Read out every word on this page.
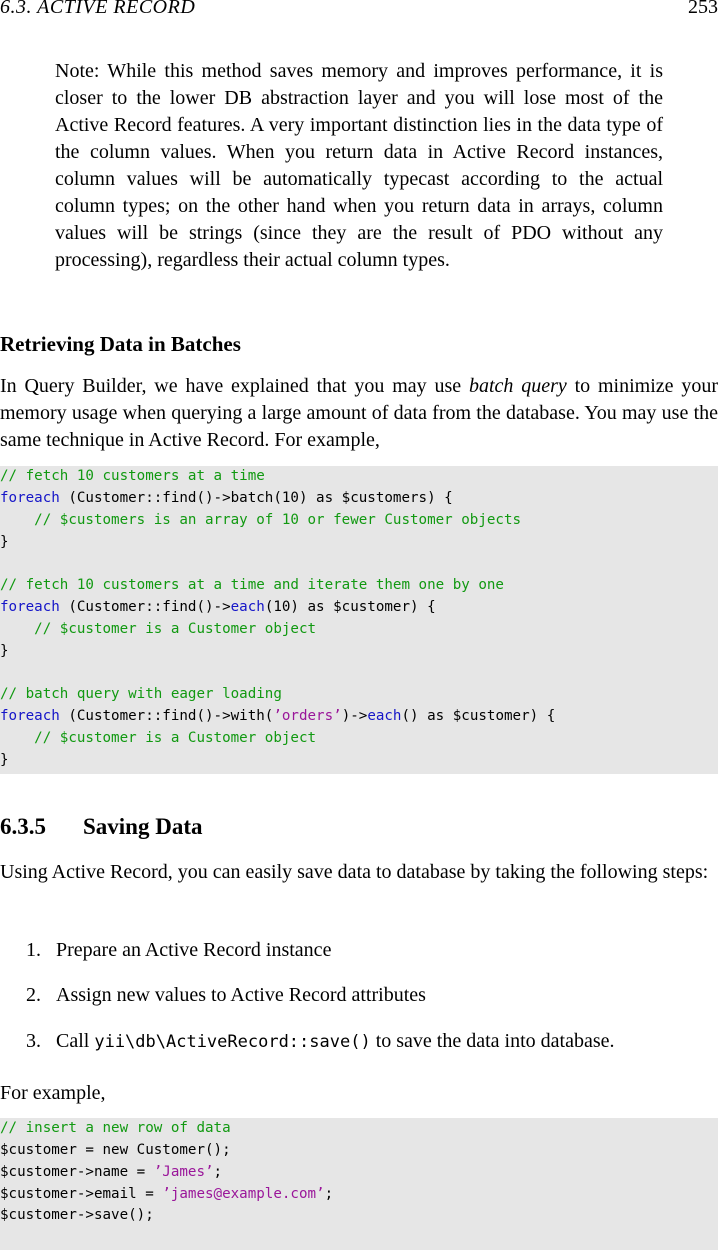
6.3. ACTIVE RECORD	253
Note: While this method saves memory and improves performance, it is closer to the lower DB abstraction layer and you will lose most of the Active Record features. A very important distinction lies in the data type of the column values. When you return data in Active Record instances, column values will be automatically typecast according to the actual column types; on the other hand when you return data in arrays, column values will be strings (since they are the result of PDO without any processing), regardless their actual column types.
Retrieving Data in Batches
In Query Builder, we have explained that you may use batch query to minimize your memory usage when querying a large amount of data from the database. You may use the same technique in Active Record. For example,
// fetch 10 customers at a time
foreach (Customer::find()->batch(10) as $customers) {
// $customers is an array of 10 or fewer Customer objects
}

// fetch 10 customers at a time and iterate them one by one
foreach (Customer::find()->each(10) as $customer) {
// $customer is a Customer object
}

// batch query with eager loading
foreach (Customer::find()->with(’orders’)->each() as $customer) {
// $customer is a Customer object
}
6.3.5 Saving Data
Using Active Record, you can easily save data to database by taking the following steps:
1. Prepare an Active Record instance
2. Assign new values to Active Record attributes
3. Call yii\db\ActiveRecord::save() to save the data into database.
For example,
// insert a new row of data
$customer = new Customer();
$customer->name = ’James’;
$customer->email = ’james@example.com’;
$customer->save();
